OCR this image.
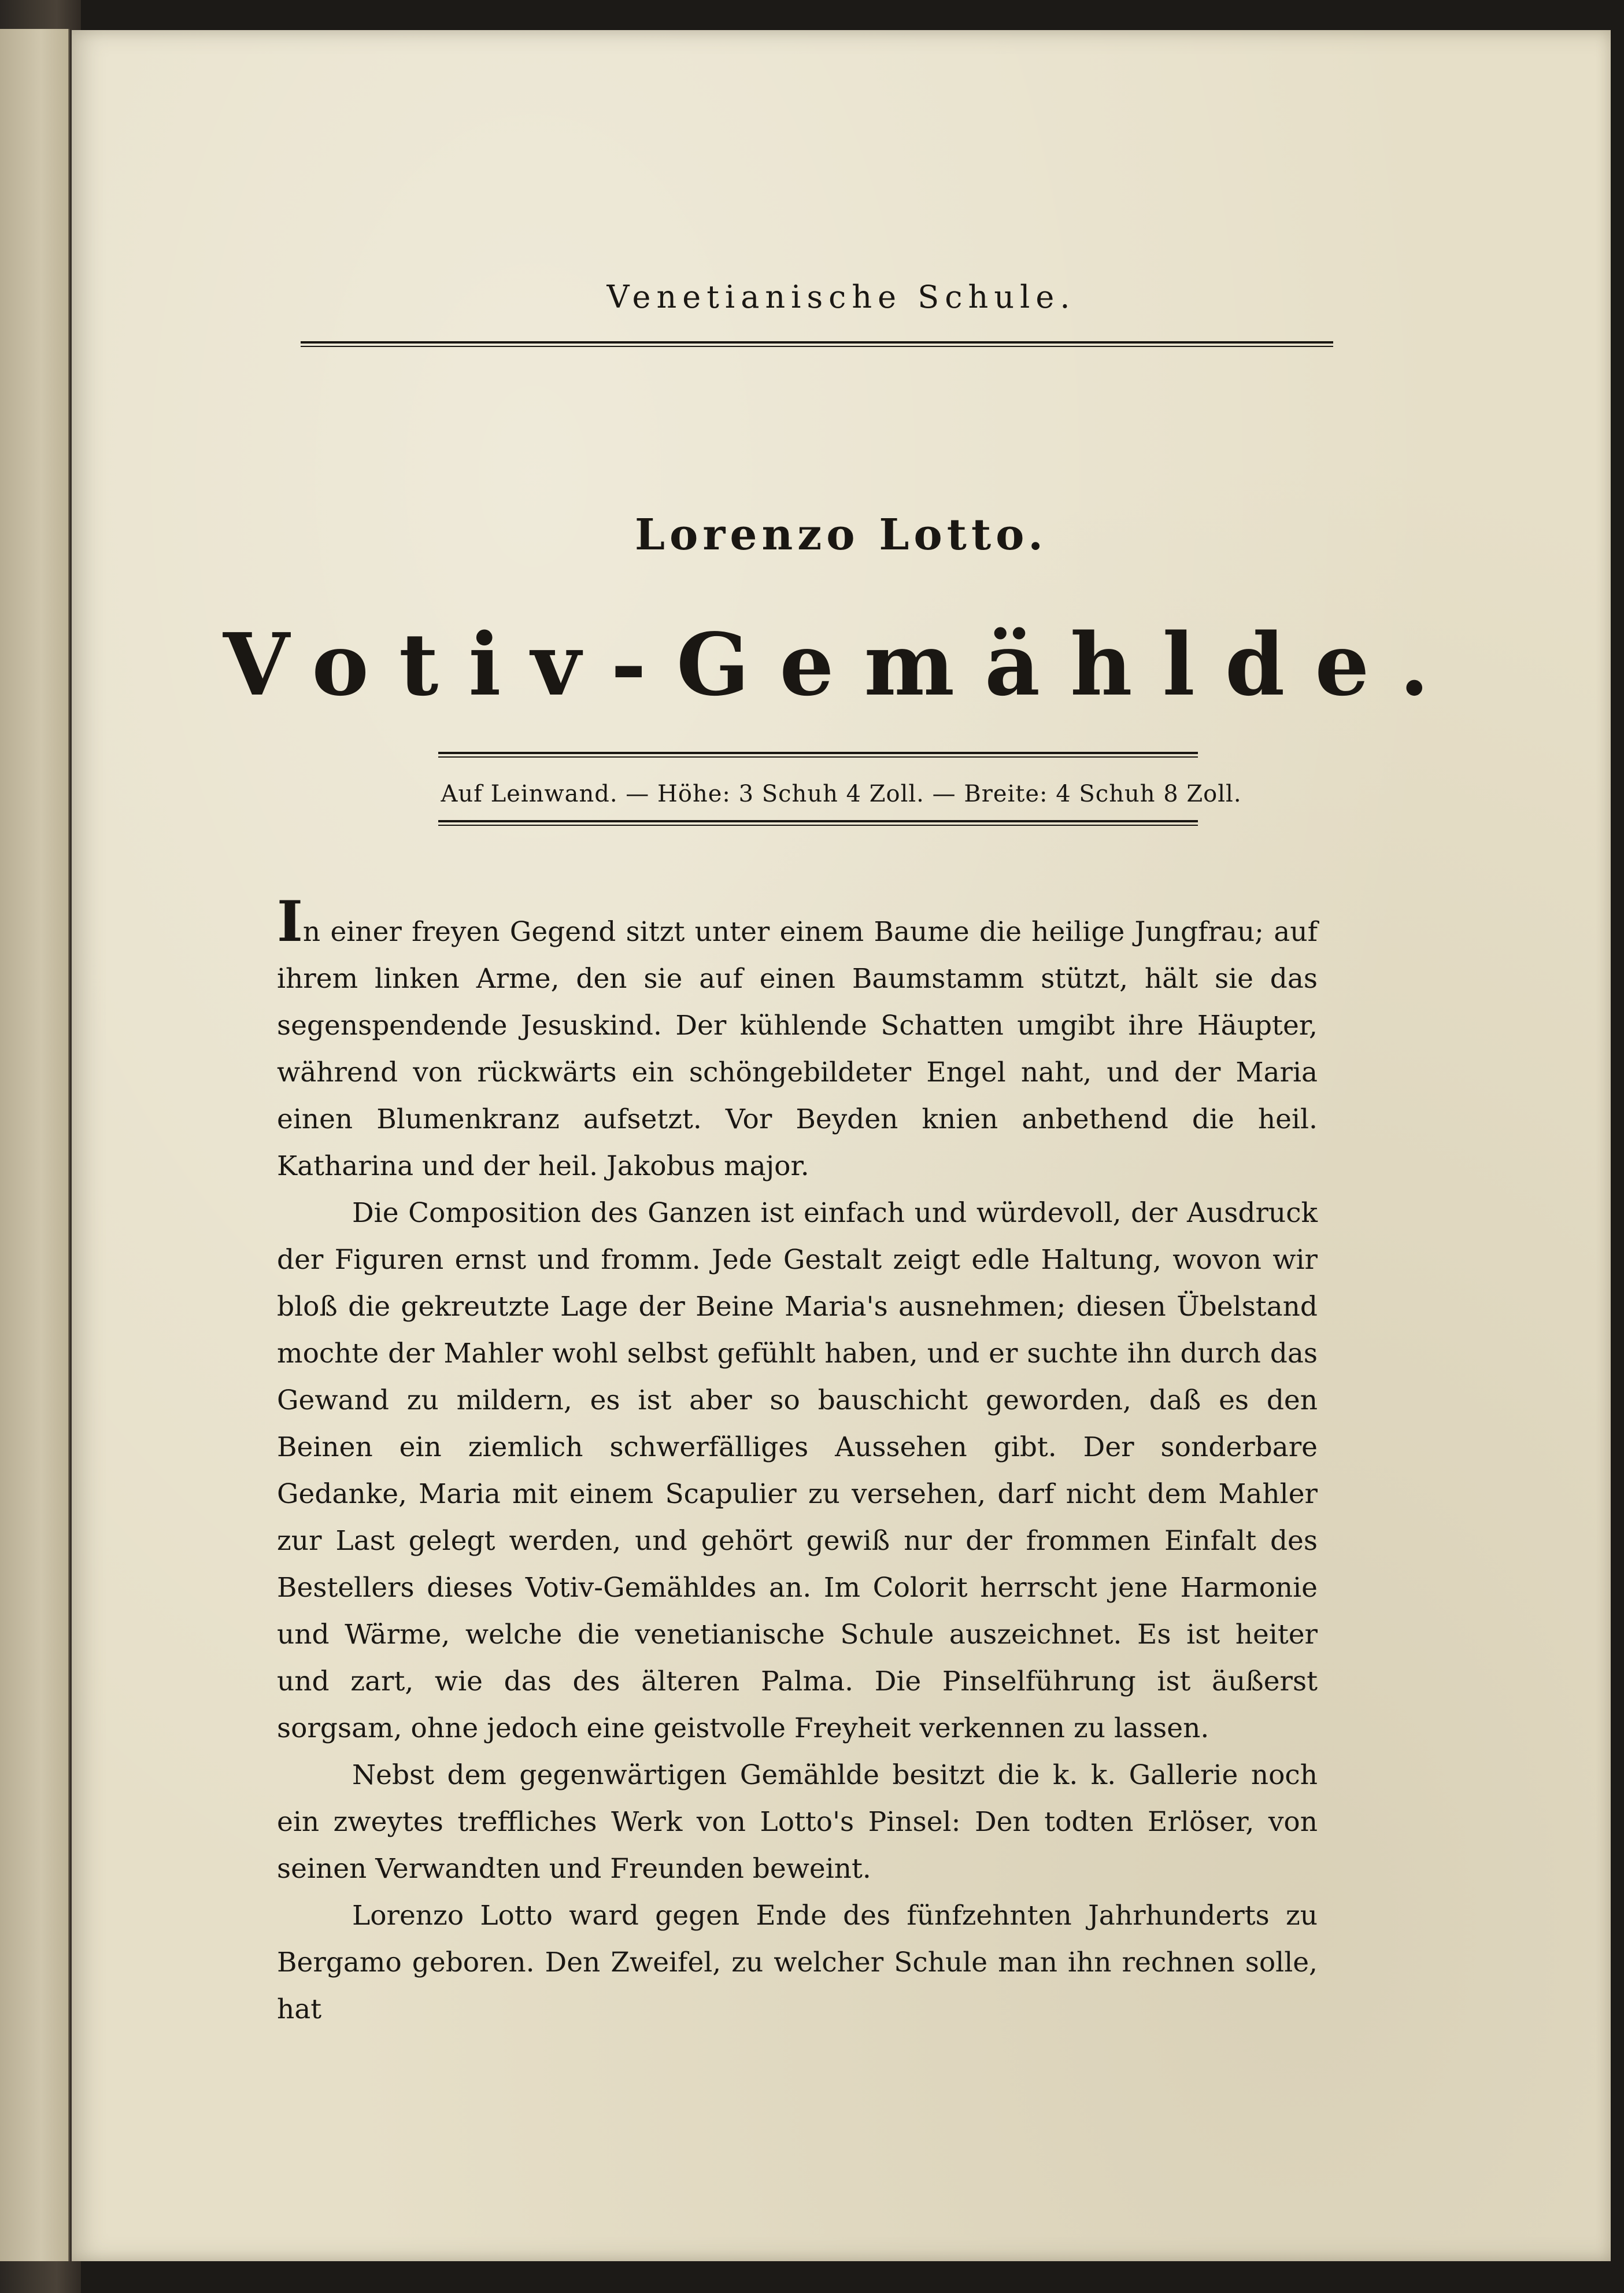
Venetianische Schule.
Lorenzo Lotto.
Votiv-Gemählde.
Auf Leinwand. — Höhe: 3 Schuh 4 Zoll. — Breite: 4 Schuh 8 Zoll.

In einer freyen Gegend sitzt unter einem Baume die heilige Jungfrau; auf ihrem linken Arme, den sie auf einen Baumstamm stützt, hält sie das segenspendende Jesuskind. Der kühlende Schatten umgibt ihre Häupter, während von rückwärts ein schöngebildeter Engel naht, und der Maria einen Blumenkranz aufsetzt. Vor Beyden knien anbethend die heil. Katharina und der heil. Jakobus major.

Die Composition des Ganzen ist einfach und würdevoll, der Ausdruck der Figuren ernst und fromm. Jede Gestalt zeigt edle Haltung, wovon wir bloß die gekreutzte Lage der Beine Maria's ausnehmen; diesen Übelstand mochte der Mahler wohl selbst gefühlt haben, und er suchte ihn durch das Gewand zu mildern, es ist aber so bauschicht geworden, daß es den Beinen ein ziemlich schwerfälliges Aussehen gibt. Der sonderbare Gedanke, Maria mit einem Scapulier zu versehen, darf nicht dem Mahler zur Last gelegt werden, und gehört gewiß nur der frommen Einfalt des Bestellers dieses Votiv-Gemähldes an. Im Colorit herrscht jene Harmonie und Wärme, welche die venetianische Schule auszeichnet. Es ist heiter und zart, wie das des älteren Palma. Die Pinselführung ist äußerst sorgsam, ohne jedoch eine geistvolle Freyheit verkennen zu lassen.

Nebst dem gegenwärtigen Gemählde besitzt die k. k. Gallerie noch ein zweytes treffliches Werk von Lotto's Pinsel: Den todten Erlöser, von seinen Verwandten und Freunden beweint.

Lorenzo Lotto ward gegen Ende des fünfzehnten Jahrhunderts zu Bergamo geboren. Den Zweifel, zu welcher Schule man ihn rechnen solle, hat
